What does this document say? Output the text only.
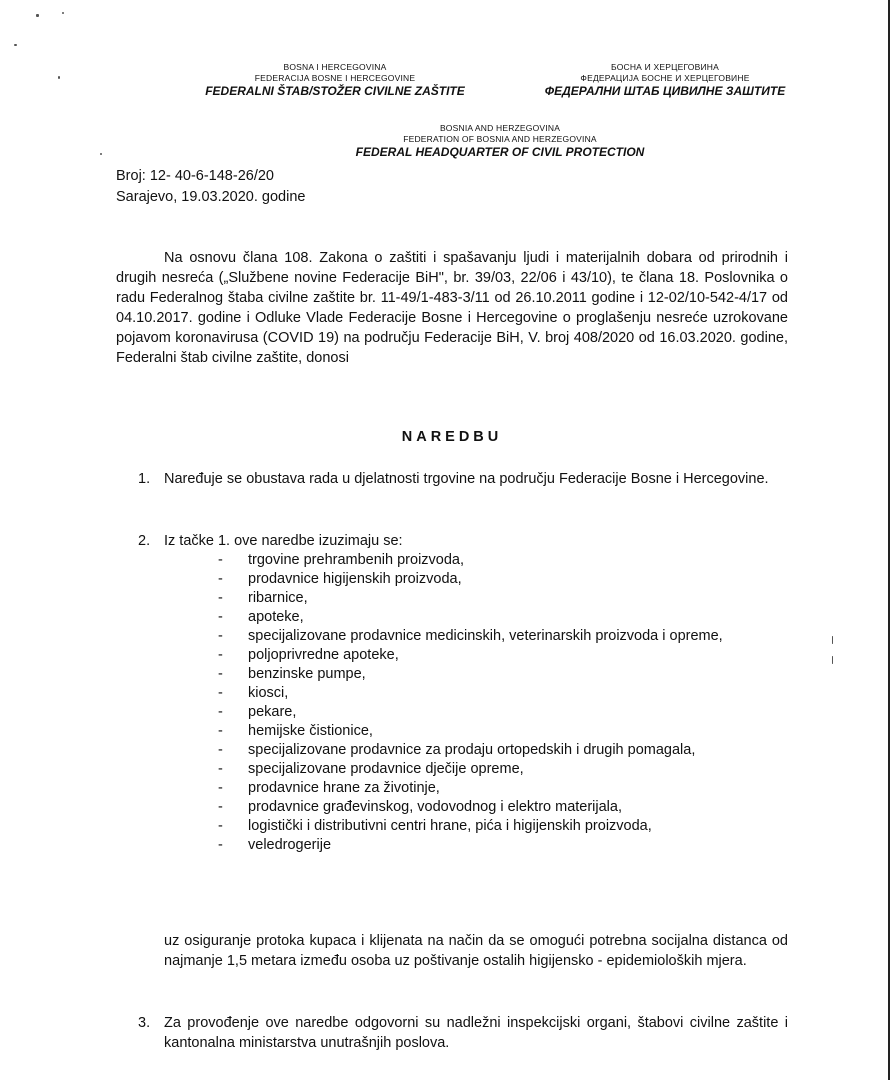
BOSNA I HERCEGOVINA
FEDERACIJA BOSNE I HERCEGOVINE
FEDERALNI ŠTAB/STOŽER CIVILNE ZAŠTITE
БОСНА И ХЕРЦЕГОВИНА
ФЕДЕРАЦИЈА БОСНЕ И ХЕРЦЕГОВИНЕ
ФЕДЕРАЛНИ ШТАБ ЦИВИЛНЕ ЗАШТИТЕ
BOSNIA AND HERZEGOVINA
FEDERATION OF BOSNIA AND HERZEGOVINA
FEDERAL HEADQUARTER OF CIVIL PROTECTION
Broj: 12- 40-6-148-26/20
Sarajevo, 19.03.2020. godine
Na osnovu člana 108. Zakona o zaštiti i spašavanju ljudi i materijalnih dobara od prirodnih i drugih nesreća („Službene novine Federacije BiH", br. 39/03, 22/06 i 43/10), te člana 18. Poslovnika o radu Federalnog štaba civilne zaštite br. 11-49/1-483-3/11 od 26.10.2011 godine i 12-02/10-542-4/17 od 04.10.2017. godine i Odluke Vlade Federacije Bosne i Hercegovine o proglašenju nesreće uzrokovane pojavom koronavirusa (COVID 19) na području Federacije BiH, V. broj 408/2020 od 16.03.2020. godine, Federalni štab civilne zaštite, donosi
NAREDBU
1. Naređuje se obustava rada u djelatnosti trgovine na području Federacije Bosne i Hercegovine.
2. Iz tačke 1. ove naredbe izuzimaju se:
- trgovine prehrambenih proizvoda,
- prodavnice higijenskih proizvoda,
- ribarnice,
- apoteke,
- specijalizovane prodavnice medicinskih, veterinarskih proizvoda i opreme,
- poljoprivredne apoteke,
- benzinske pumpe,
- kiosci,
- pekare,
- hemijske čistionice,
- specijalizovane prodavnice za prodaju ortopedskih i drugih pomagala,
- specijalizovane prodavnice dječije opreme,
- prodavnice hrane za životinje,
- prodavnice građevinskog, vodovodnog i elektro materijala,
- logistički i distributivni centri hrane, pića i higijenskih proizvoda,
- veledrogerije
uz osiguranje protoka kupaca i klijenata na način da se omogući potrebna socijalna distanca od najmanje 1,5 metara između osoba uz poštivanje ostalih higijensko - epidemioloških mjera.
3. Za provođenje ove naredbe odgovorni su nadležni inspekcijski organi, štabovi civilne zaštite i kantonalna ministarstva unutrašnjih poslova.
